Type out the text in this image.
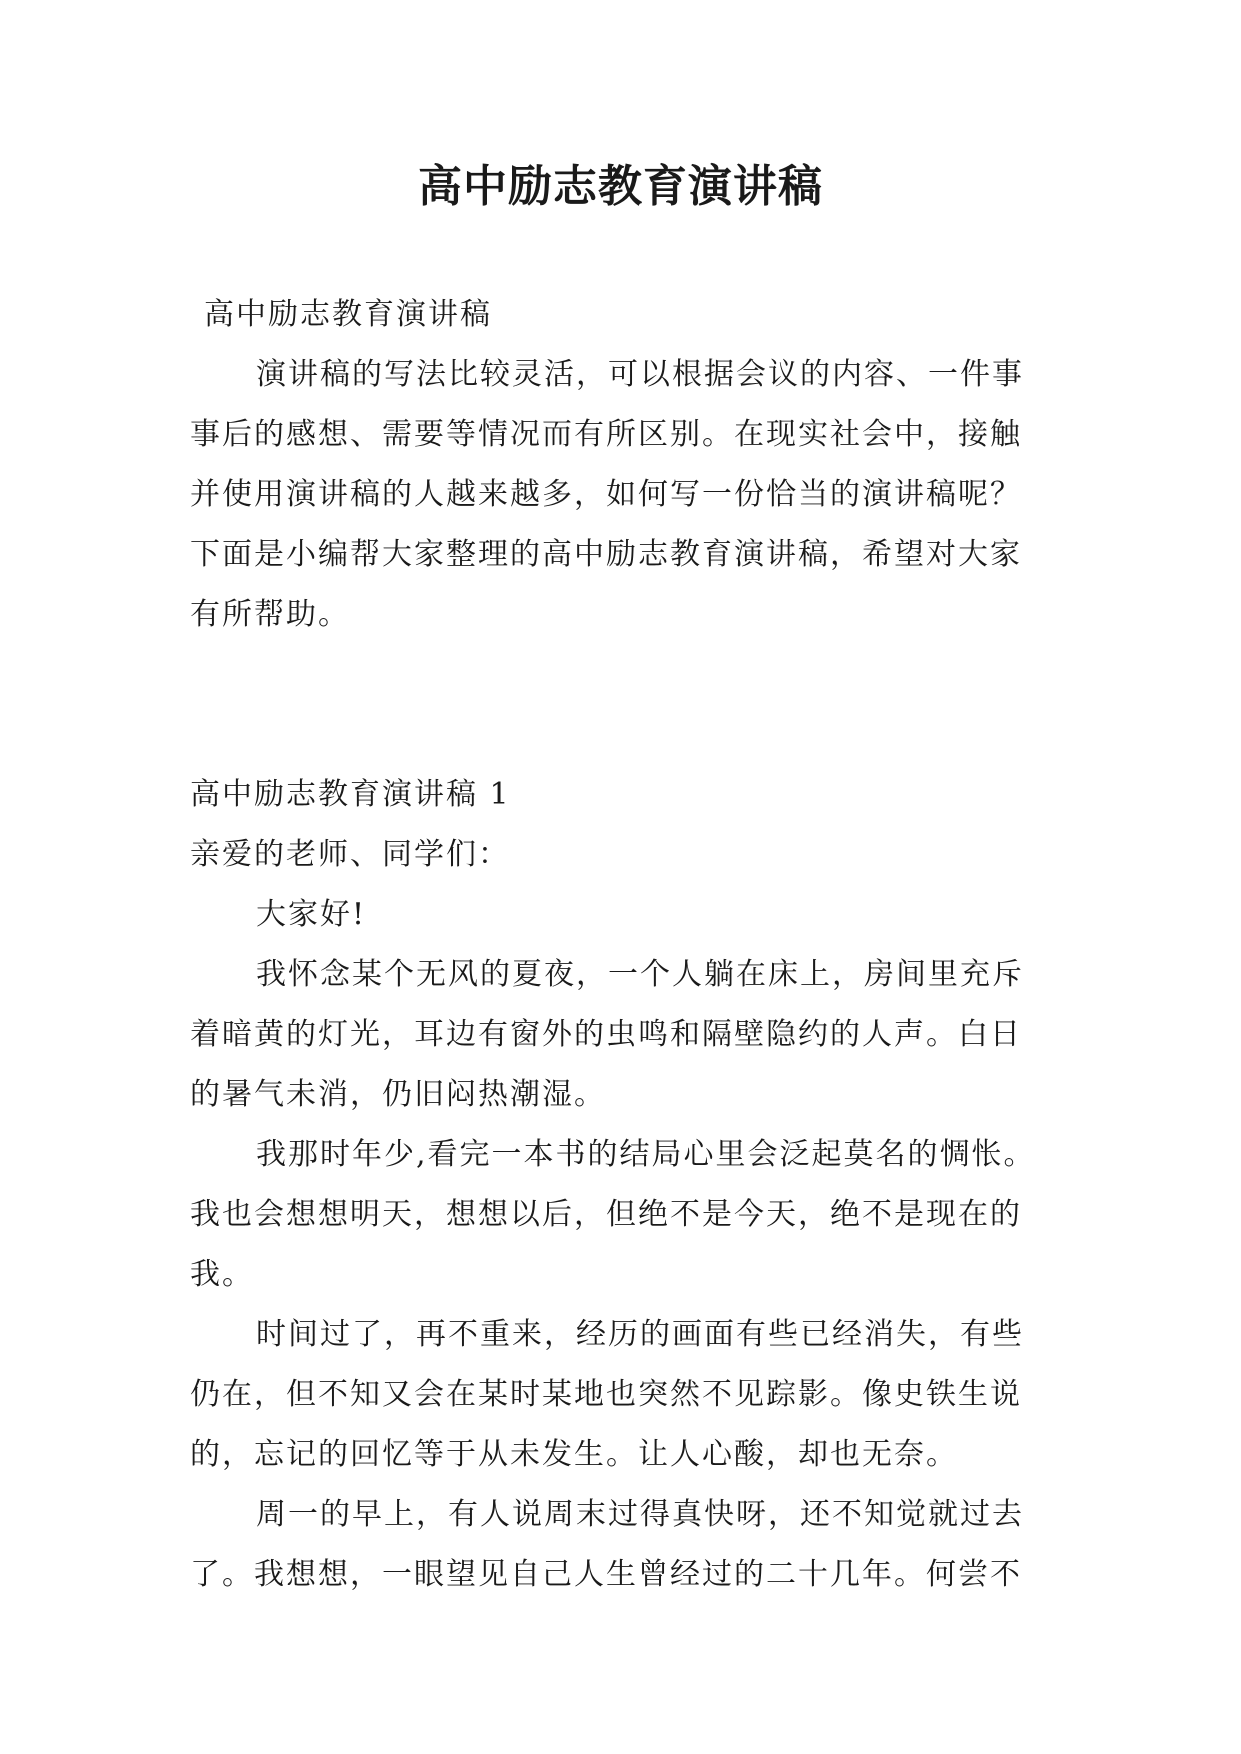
高中励志教育演讲稿

高中励志教育演讲稿

演讲稿的写法比较灵活，可以根据会议的内容、一件事

事后的感想、需要等情况而有所区别。在现实社会中，接触

并使用演讲稿的人越来越多，如何写一份恰当的演讲稿呢？

下面是小编帮大家整理的高中励志教育演讲稿，希望对大家

有所帮助。

高中励志教育演讲稿 1

亲爱的老师、同学们：

大家好!

我怀念某个无风的夏夜，一个人躺在床上，房间里充斥

着暗黄的灯光，耳边有窗外的虫鸣和隔壁隐约的人声。白日

的暑气未消，仍旧闷热潮湿。

我那时年少,看完一本书的结局心里会泛起莫名的惆怅。

我也会想想明天，想想以后，但绝不是今天，绝不是现在的

我。

时间过了，再不重来，经历的画面有些已经消失，有些

仍在，但不知又会在某时某地也突然不见踪影。像史铁生说

的，忘记的回忆等于从未发生。让人心酸，却也无奈。

周一的早上，有人说周末过得真快呀，还不知觉就过去

了。我想想，一眼望见自己人生曾经过的二十几年。何尝不
